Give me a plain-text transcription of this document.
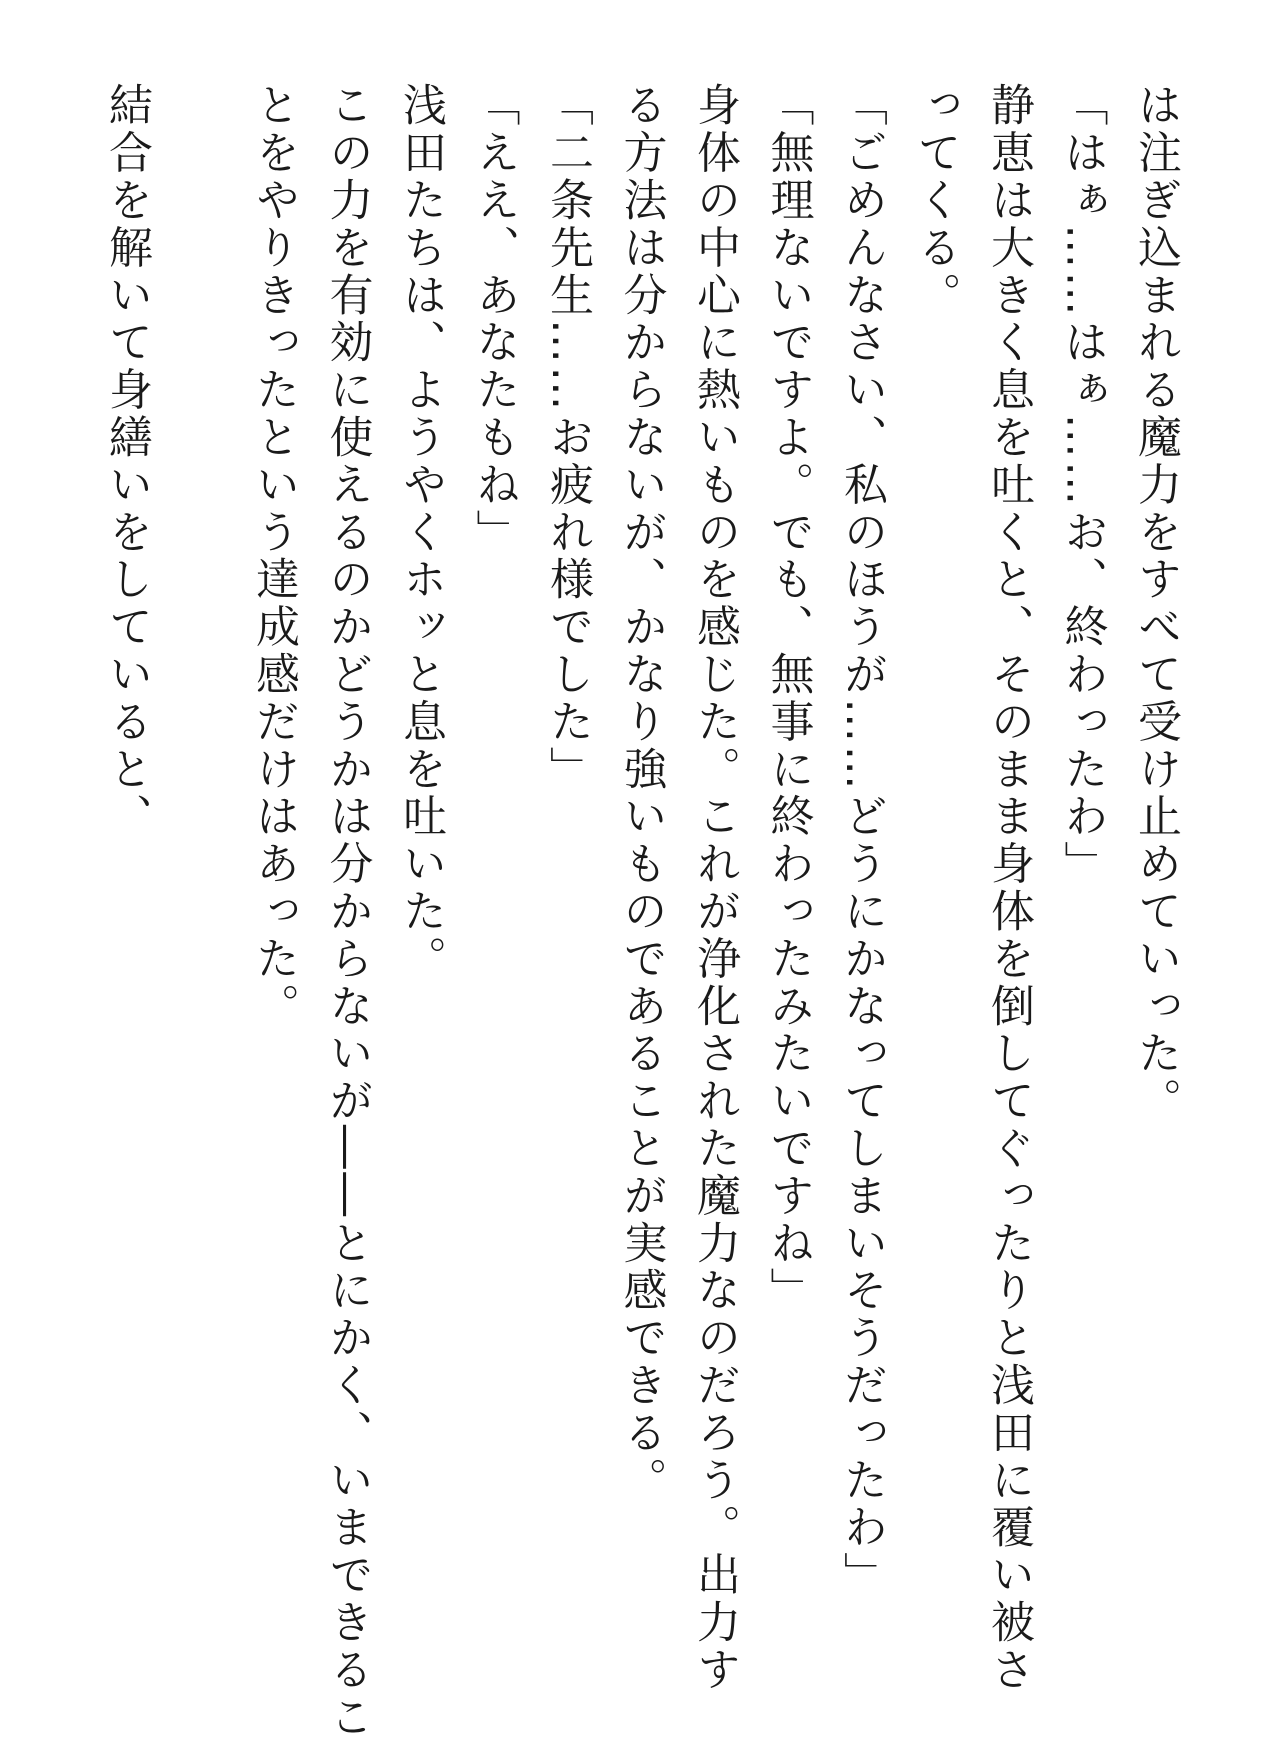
は注ぎ込まれる魔力をすべて受け止めていった。
「はぁ……はぁ……お、終わったわ」
静恵は大きく息を吐くと、そのまま身体を倒してぐったりと浅田に覆い被さ
ってくる。
「ごめんなさい、私のほうが……どうにかなってしまいそうだったわ」
「無理ないですよ。でも、無事に終わったみたいですね」
身体の中心に熱いものを感じた。これが浄化された魔力なのだろう。出力す
る方法は分からないが、かなり強いものであることが実感できる。
「二条先生……お疲れ様でした」
「ええ、あなたもね」
浅田たちは、ようやくホッと息を吐いた。
この力を有効に使えるのかどうかは分からないが――とにかく、いまできるこ
とをやりきったという達成感だけはあった。
結合を解いて身繕いをしていると、
